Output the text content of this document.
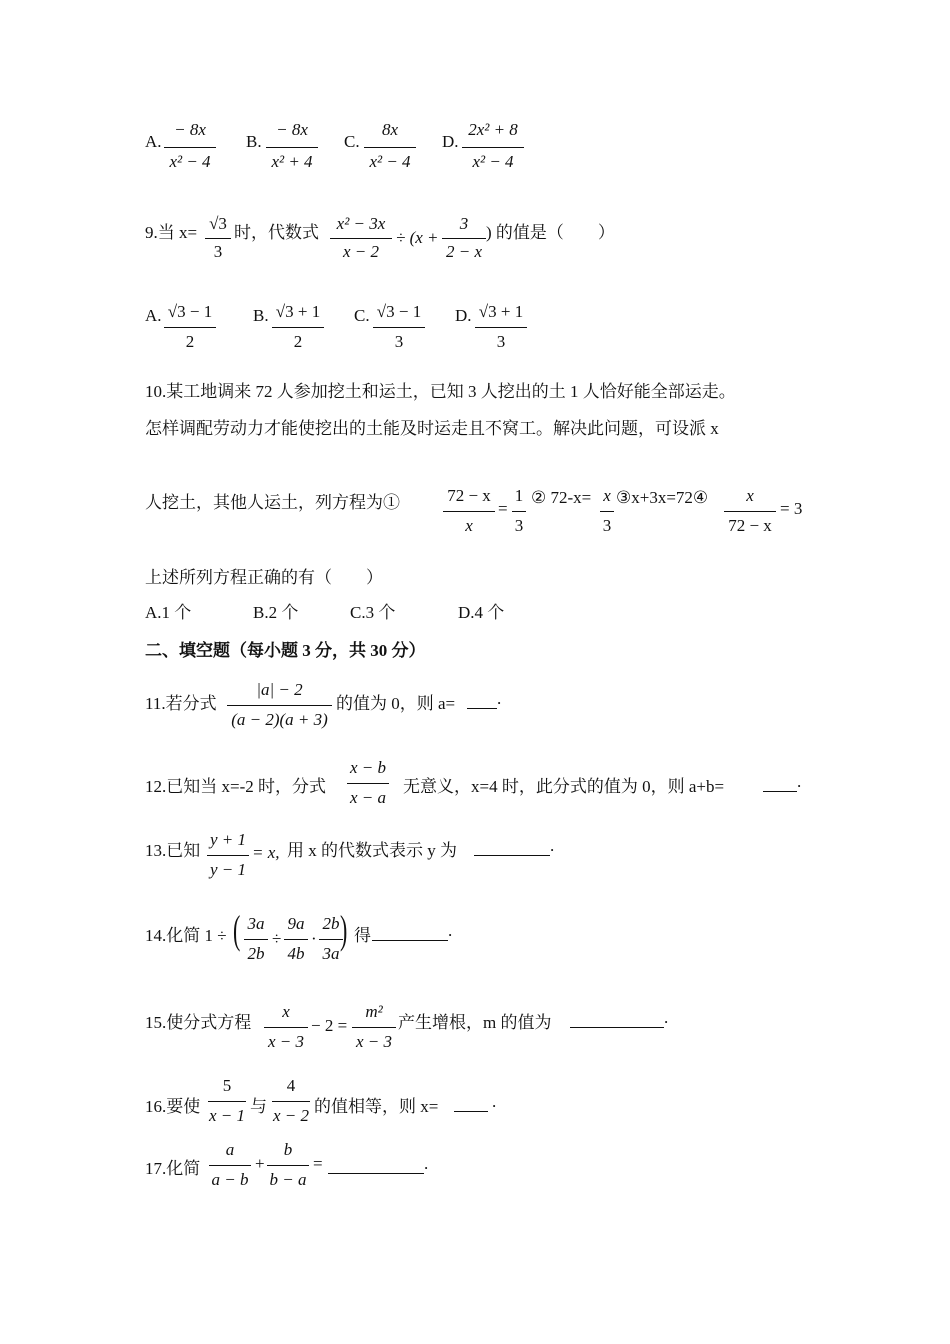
A.
− 8x
x² − 4
B.
− 8x
x² + 4
C.
8x
x² − 4
D.
2x² + 8
x² − 4
9.当 x= √3
3
时，代数式	x² − 3x
x − 2
÷ (x +
3
2 − x
) 的值是（　　）
A. √3 − 1
2
B. √3 + 1
2
C. √3 − 1
3
D. √3 + 1
3
10.某工地调来 72 人参加挖土和运土，已知 3 人挖出的土 1 人恰好能全部运走。
怎样调配劳动力才能使挖出的土能及时运走且不窝工。解决此问题，可设派 x
人挖土，其他人运土，列方程为①	72 − x
x
=
1
3
② 72-x= x
3
③x+3x=72④	x
72 − x
= 3
上述所列方程正确的有（　　）
A.1 个	B.2 个	C.3 个	D.4 个
二、填空题（每小题 3 分，共 30 分）
11.若分式
|a| − 2
(a − 2)(a + 3)
的值为 0，则 a= .
12.已知当 x=-2 时，分式
x − b
x − a
无意义，x=4 时，此分式的值为 0，则 a+b=	.
13.已知
y + 1
y − 1
= x, 用 x 的代数式表示 y 为	.
14.化简 1 ÷ ( 3a
2b
÷
9a
4b
·
2b
3a
) 得	.
15.使分式方程
x
x − 3
− 2 =
m²
x − 3
产生增根，m 的值为	.
16.要使
5
x − 1 与
4
x − 2 的值相等，则 x=	.
17.化简
a
a − b
+
b
b − a
=	.
